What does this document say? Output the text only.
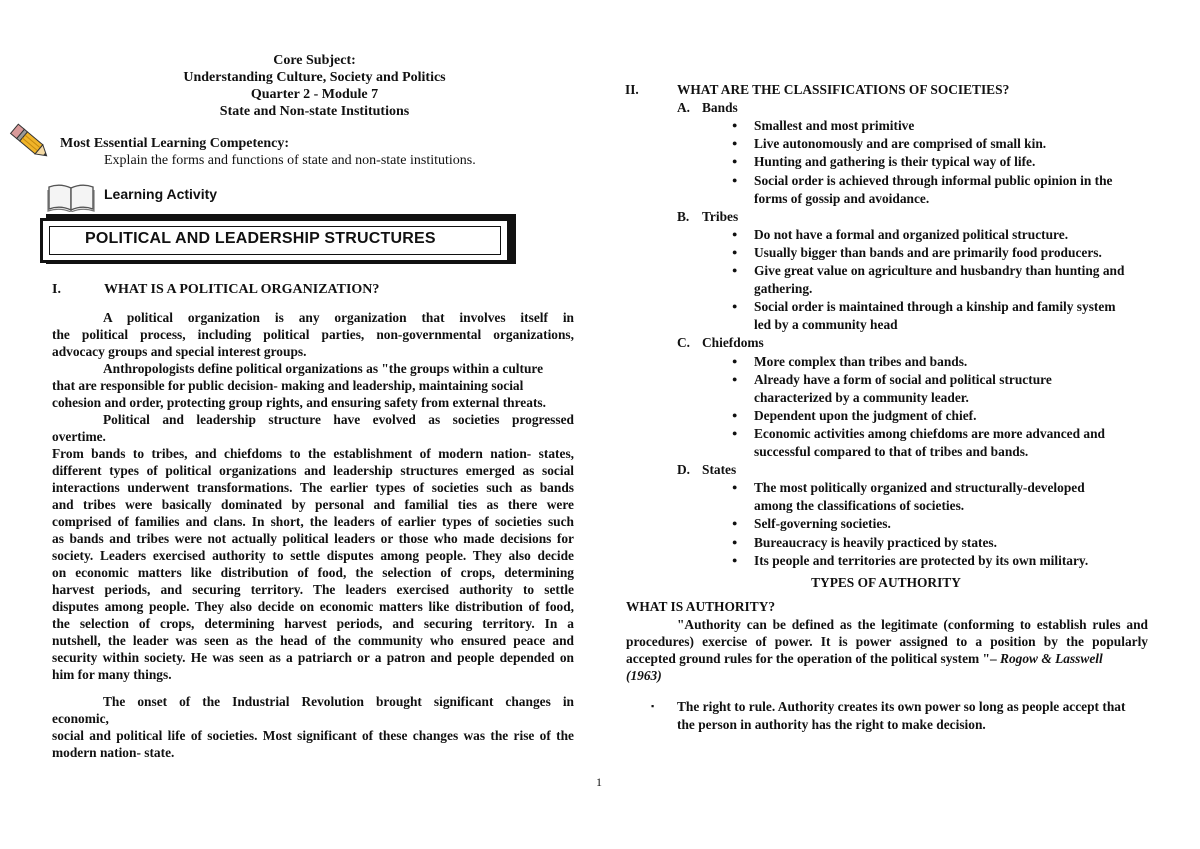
Core Subject:
Understanding Culture, Society and Politics
Quarter 2 - Module 7
State and Non-state Institutions
Most Essential Learning Competency:
Explain the forms and functions of state and non-state institutions.
Learning Activity
POLITICAL AND LEADERSHIP STRUCTURES
I.	WHAT IS A POLITICAL ORGANIZATION?
A political organization is any organization that involves itself in
the political process, including political parties, non-governmental organizations,
advocacy groups and special interest groups.
Anthropologists define political organizations as "the groups within a culture
that are responsible for public decision- making and leadership, maintaining social
cohesion and order, protecting group rights, and ensuring safety from external threats.
Political and leadership structure have evolved as societies progressed
overtime.
From bands to tribes, and chiefdoms to the establishment of modern nation- states,
different types of political organizations and leadership structures emerged as social
interactions underwent transformations. The earlier types of societies such as bands
and tribes were basically dominated by personal and familial ties as there were
comprised of families and clans. In short, the leaders of earlier types of societies such
as bands and tribes were not actually political leaders or those who made decisions for
society. Leaders exercised authority to settle disputes among people. They also decide
on economic matters like distribution of food, the selection of crops, determining
harvest periods, and securing territory. The leaders exercised authority to settle
disputes among people. They also decide on economic matters like distribution of food,
the selection of crops, determining harvest periods, and securing territory. In a
nutshell, the leader was seen as the head of the community who ensured peace and
security within society. He was seen as a patriarch or a patron and people depended on
him for many things.
The onset of the Industrial Revolution brought significant changes in
economic,
social and political life of societies. Most significant of these changes was the rise of the
modern nation- state.
II.	WHAT ARE THE CLASSIFICATIONS OF SOCIETIES?
A. Bands
● Smallest and most primitive
● Live autonomously and are comprised of small kin.
● Hunting and gathering is their typical way of life.
● Social order is achieved through informal public opinion in the
forms of gossip and avoidance.
B. Tribes
● Do not have a formal and organized political structure.
● Usually bigger than bands and are primarily food producers.
● Give great value on agriculture and husbandry than hunting and
gathering.
● Social order is maintained through a kinship and family system
led by a community head
C. Chiefdoms
● More complex than tribes and bands.
● Already have a form of social and political structure
characterized by a community leader.
● Dependent upon the judgment of chief.
● Economic activities among chiefdoms are more advanced and
successful compared to that of tribes and bands.
D. States
● The most politically organized and structurally-developed
among the classifications of societies.
● Self-governing societies.
● Bureaucracy is heavily practiced by states.
● Its people and territories are protected by its own military.
TYPES OF AUTHORITY
WHAT IS AUTHORITY?
"Authority can be defined as the legitimate (conforming to establish rules and
procedures) exercise of power. It is power assigned to a position by the popularly
accepted ground rules for the operation of the political system "– Rogow & Lasswell
(1963)
▪ The right to rule. Authority creates its own power so long as people accept that
the person in authority has the right to make decision.
1
